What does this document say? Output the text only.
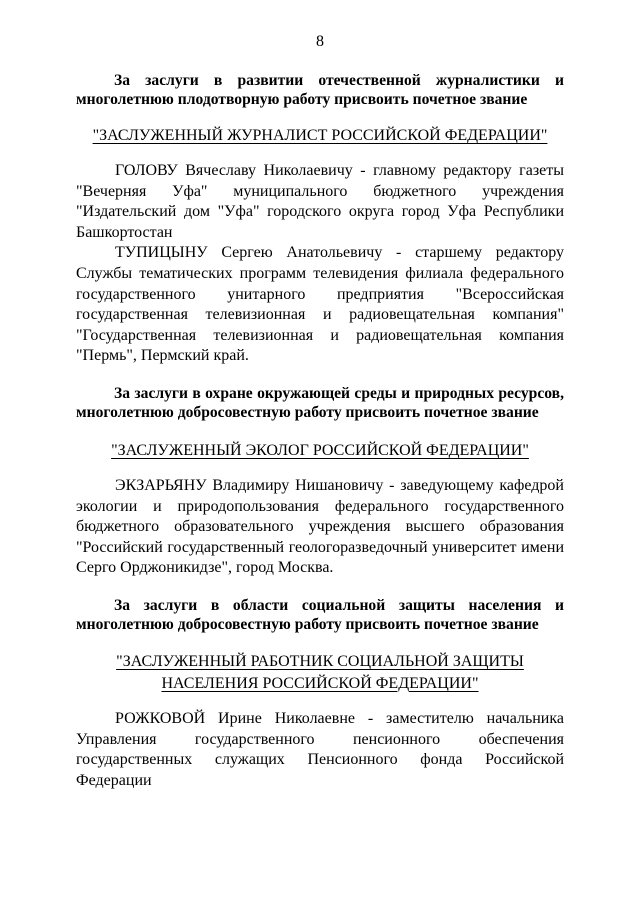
8

За заслуги в развитии отечественной журналистики и многолетнюю плодотворную работу присвоить почетное звание

"ЗАСЛУЖЕННЫЙ ЖУРНАЛИСТ РОССИЙСКОЙ ФЕДЕРАЦИИ"

ГОЛОВУ Вячеславу Николаевичу - главному редактору газеты "Вечерняя Уфа" муниципального бюджетного учреждения "Издательский дом "Уфа" городского округа город Уфа Республики Башкортостан

ТУПИЦЫНУ Сергею Анатольевичу - старшему редактору Службы тематических программ телевидения филиала федерального государственного унитарного предприятия "Всероссийская государственная телевизионная и радиовещательная компания" "Государственная телевизионная и радиовещательная компания "Пермь", Пермский край.

За заслуги в охране окружающей среды и природных ресурсов, многолетнюю добросовестную работу присвоить почетное звание

"ЗАСЛУЖЕННЫЙ ЭКОЛОГ РОССИЙСКОЙ ФЕДЕРАЦИИ"

ЭКЗАРЬЯНУ Владимиру Нишановичу - заведующему кафедрой экологии и природопользования федерального государственного бюджетного образовательного учреждения высшего образования "Российский государственный геологоразведочный университет имени Серго Орджоникидзе", город Москва.

За заслуги в области социальной защиты населения и многолетнюю добросовестную работу присвоить почетное звание

"ЗАСЛУЖЕННЫЙ РАБОТНИК СОЦИАЛЬНОЙ ЗАЩИТЫ
НАСЕЛЕНИЯ РОССИЙСКОЙ ФЕДЕРАЦИИ"

РОЖКОВОЙ Ирине Николаевне - заместителю начальника Управления государственного пенсионного обеспечения государственных служащих Пенсионного фонда Российской Федерации
